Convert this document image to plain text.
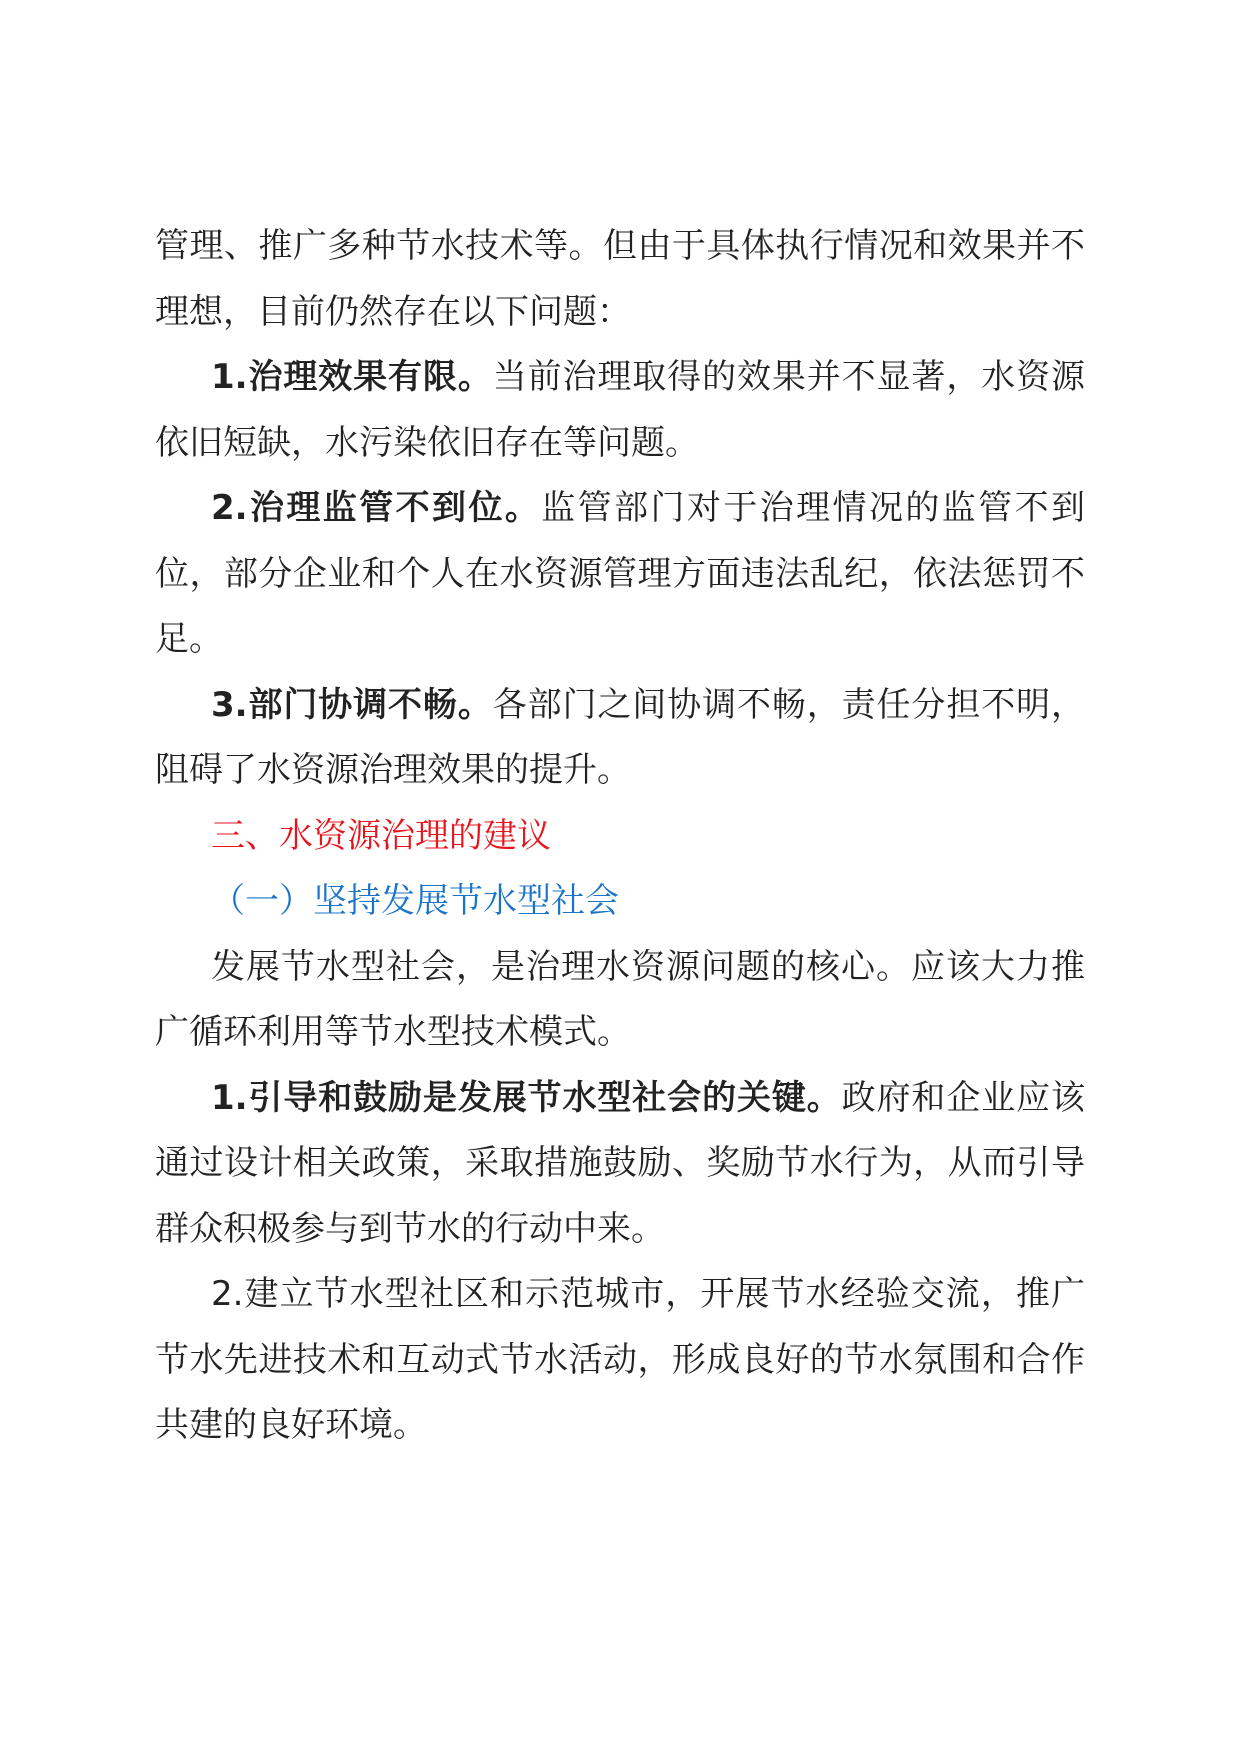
管理、推广多种节水技术等。但由于具体执行情况和效果并不理想，目前仍然存在以下问题：

1.治理效果有限。当前治理取得的效果并不显著，水资源依旧短缺，水污染依旧存在等问题。

2.治理监管不到位。监管部门对于治理情况的监管不到位，部分企业和个人在水资源管理方面违法乱纪，依法惩罚不足。

3.部门协调不畅。各部门之间协调不畅，责任分担不明，阻碍了水资源治理效果的提升。

三、水资源治理的建议

（一）坚持发展节水型社会

发展节水型社会，是治理水资源问题的核心。应该大力推广循环利用等节水型技术模式。

1.引导和鼓励是发展节水型社会的关键。政府和企业应该通过设计相关政策，采取措施鼓励、奖励节水行为，从而引导群众积极参与到节水的行动中来。

2.建立节水型社区和示范城市，开展节水经验交流，推广节水先进技术和互动式节水活动，形成良好的节水氛围和合作共建的良好环境。
